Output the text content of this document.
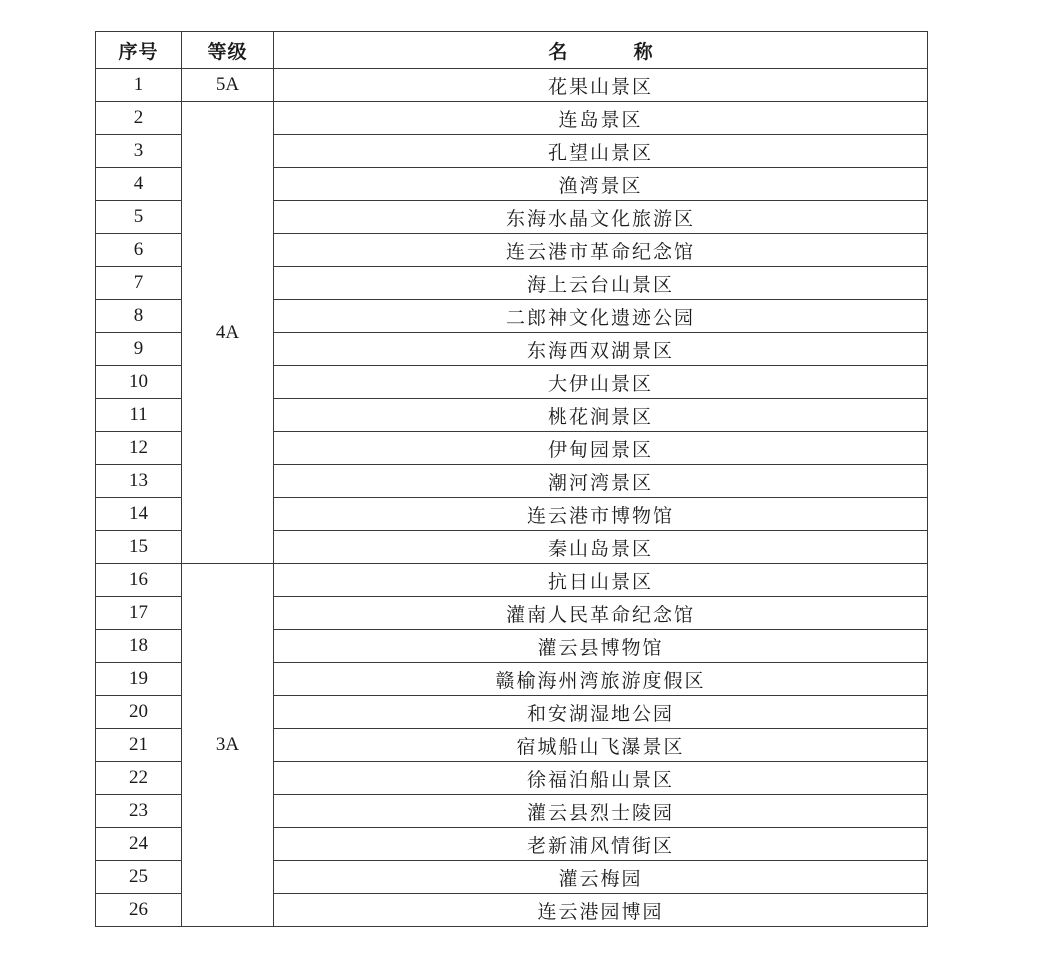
序号	等级	名          称
1	5A	花果山景区
2	4A	连岛景区
3		孔望山景区
4		渔湾景区
5		东海水晶文化旅游区
6		连云港市革命纪念馆
7		海上云台山景区
8		二郎神文化遗迹公园
9		东海西双湖景区
10		大伊山景区
11		桃花涧景区
12		伊甸园景区
13		潮河湾景区
14		连云港市博物馆
15		秦山岛景区
16	3A	抗日山景区
17		灌南人民革命纪念馆
18		灌云县博物馆
19		赣榆海州湾旅游度假区
20		和安湖湿地公园
21		宿城船山飞瀑景区
22		徐福泊船山景区
23		灌云县烈士陵园
24		老新浦风情街区
25		灌云梅园
26		连云港园博园
